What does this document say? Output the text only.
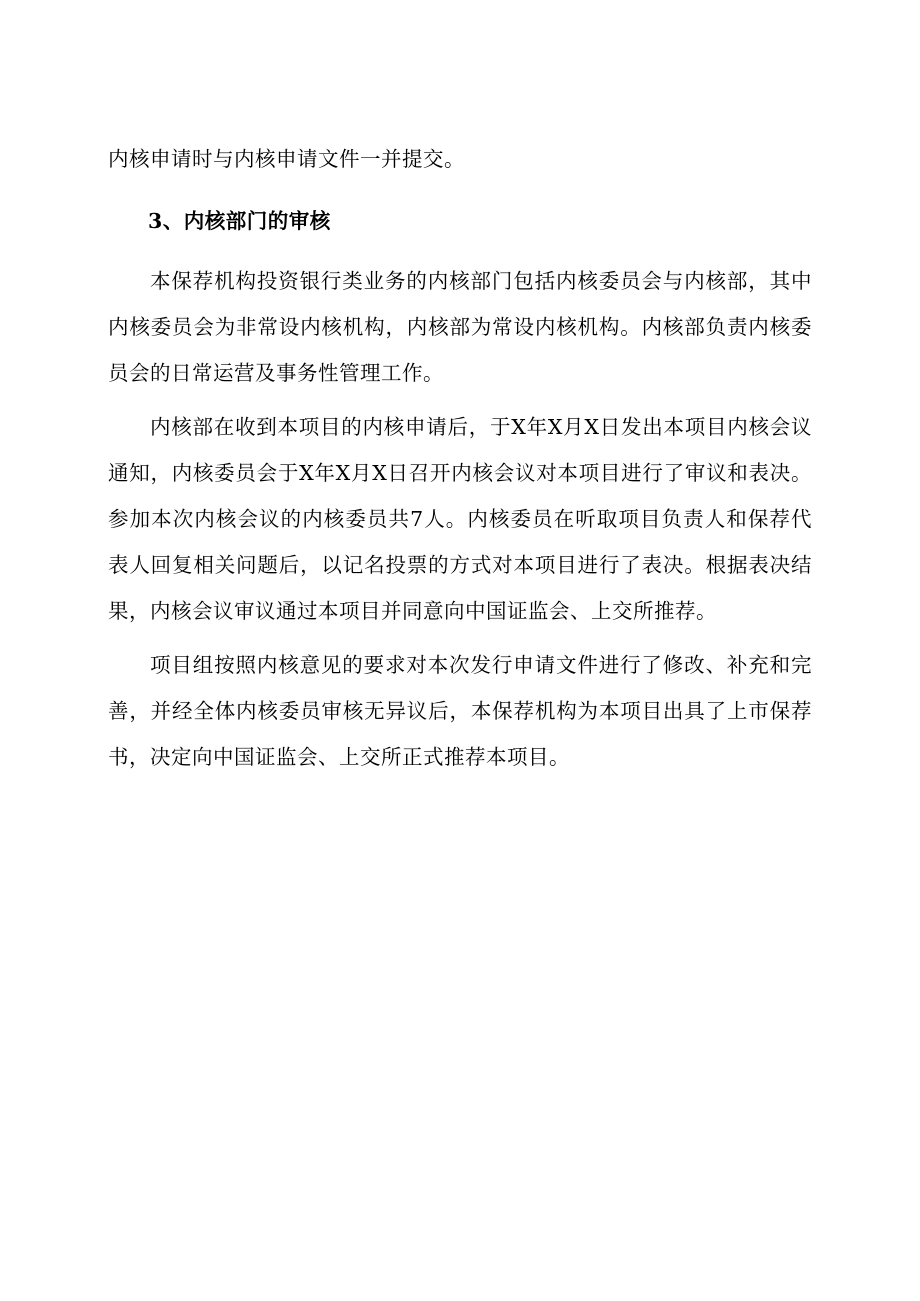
内核申请时与内核申请文件一并提交。

3、内核部门的审核

本保荐机构投资银行类业务的内核部门包括内核委员会与内核部，其中内核委员会为非常设内核机构，内核部为常设内核机构。内核部负责内核委员会的日常运营及事务性管理工作。

内核部在收到本项目的内核申请后，于X年X月X日发出本项目内核会议通知，内核委员会于X年X月X日召开内核会议对本项目进行了审议和表决。参加本次内核会议的内核委员共7人。内核委员在听取项目负责人和保荐代表人回复相关问题后，以记名投票的方式对本项目进行了表决。根据表决结果，内核会议审议通过本项目并同意向中国证监会、上交所推荐。

项目组按照内核意见的要求对本次发行申请文件进行了修改、补充和完善，并经全体内核委员审核无异议后，本保荐机构为本项目出具了上市保荐书，决定向中国证监会、上交所正式推荐本项目。
